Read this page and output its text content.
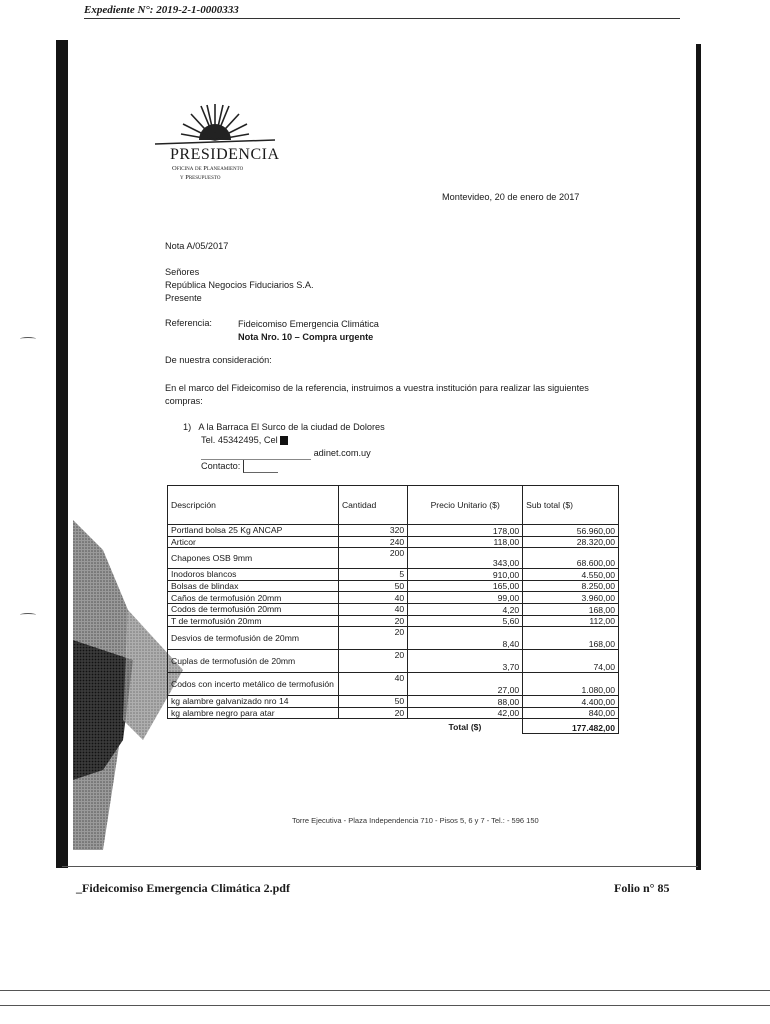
Expediente N°: 2019-2-1-0000333
PRESIDENCIA
Oficina de Planeamiento
y Presupuesto
Montevideo, 20 de enero de 2017
Nota A/05/2017
Señores
República Negocios Fiduciarios S.A.
Presente
Referencia:	Fideicomiso Emergencia Climática
Nota Nro. 10 – Compra urgente
De nuestra consideración:
En el marco del Fideicomiso de la referencia, instruimos a vuestra institución para realizar las siguientes compras:
1) A la Barraca El Surco de la ciudad de Dolores
Tel. 45342495, Cel
adinet.com.uy
Contacto:
Descripción	Cantidad	Precio Unitario ($)	Sub total ($)
Portland bolsa 25 Kg ANCAP	320	178,00	56.960,00
Articor	240	118,00	28.320,00
Chapones OSB 9mm	200	343,00	68.600,00
Inodoros blancos	5	910,00	4.550,00
Bolsas de blindax	50	165,00	8.250,00
Caños de termofusión 20mm	40	99,00	3.960,00
Codos de termofusión 20mm	40	4,20	168,00
T de termofusión 20mm	20	5,60	112,00
Desvios de termofusión de 20mm	20	8,40	168,00
Cuplas de termofusión de 20mm	20	3,70	74,00
Codos con incerto metálico de termofusión	40	27,00	1.080,00
kg alambre galvanizado nro 14	50	88,00	4.400,00
kg alambre negro para atar	20	42,00	840,00
		Total ($)	177.482,00
Torre Ejecutiva - Plaza Independencia 710 - Pisos 5, 6 y 7 - Tel.: - 596 150
_Fideicomiso Emergencia Climática 2.pdf	Folio n° 85
